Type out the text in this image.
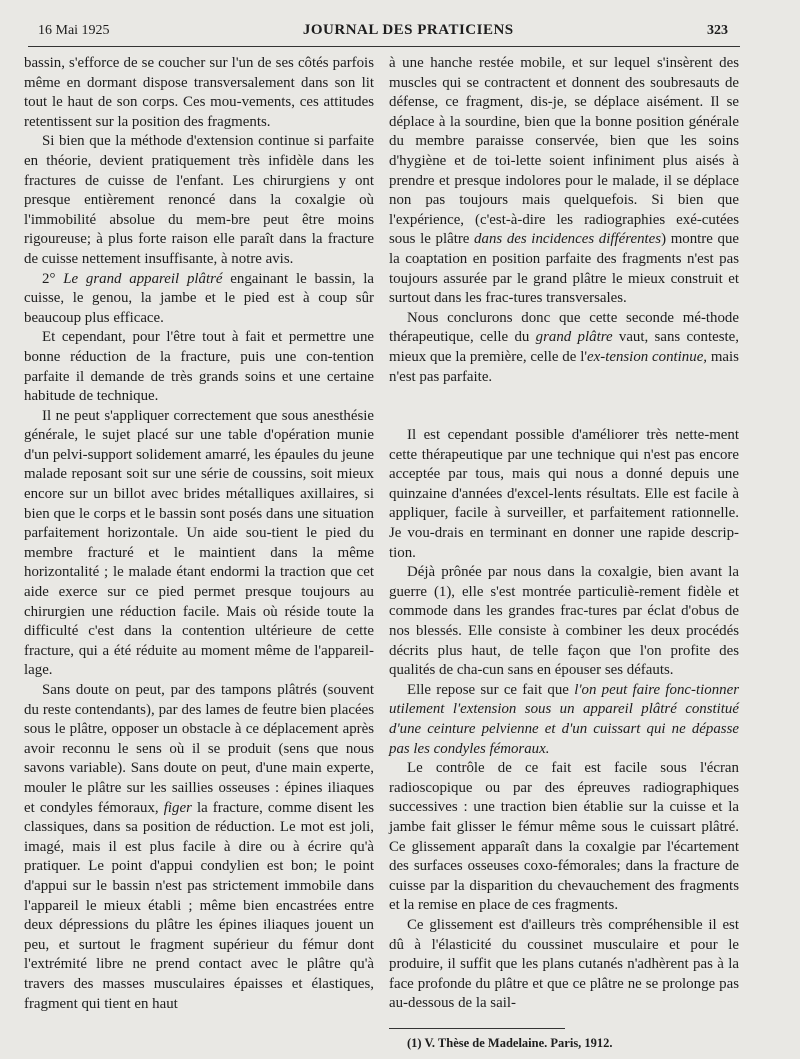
16 Mai 1925	JOURNAL DES PRATICIENS	323

bassin, s'efforce de se coucher sur l'un de ses côtés parfois même en dormant dispose transversalement dans son lit tout le haut de son corps. Ces mou-vements, ces attitudes retentissent sur la position des fragments.

Si bien que la méthode d'extension continue si parfaite en théorie, devient pratiquement très infidèle dans les fractures de cuisse de l'enfant. Les chirurgiens y ont presque entièrement renoncé dans la coxalgie où l'immobilité absolue du mem-bre peut être moins rigoureuse; à plus forte raison elle paraît dans la fracture de cuisse nettement insuffisante, à notre avis.

2° Le grand appareil plâtré engainant le bassin, la cuisse, le genou, la jambe et le pied est à coup sûr beaucoup plus efficace.

Et cependant, pour l'être tout à fait et permettre une bonne réduction de la fracture, puis une con-tention parfaite il demande de très grands soins et une certaine habitude de technique.

Il ne peut s'appliquer correctement que sous anesthésie générale, le sujet placé sur une table d'opération munie d'un pelvi-support solidement amarré, les épaules du jeune malade reposant soit sur une série de coussins, soit mieux encore sur un billot avec brides métalliques axillaires, si bien que le corps et le bassin sont posés dans une situation parfaitement horizontale. Un aide sou-tient le pied du membre fracturé et le maintient dans la même horizontalité ; le malade étant endormi la traction que cet aide exerce sur ce pied permet presque toujours au chirurgien une réduction facile. Mais où réside toute la difficulté c'est dans la contention ultérieure de cette fracture, qui a été réduite au moment même de l'appareil-lage.

Sans doute on peut, par des tampons plâtrés (souvent du reste contendants), par des lames de feutre bien placées sous le plâtre, opposer un obstacle à ce déplacement après avoir reconnu le sens où il se produit (sens que nous savons variable). Sans doute on peut, d'une main experte, mouler le plâtre sur les saillies osseuses : épines iliaques et condyles fémoraux, figer la fracture, comme disent les classiques, dans sa position de réduction. Le mot est joli, imagé, mais il est plus facile à dire ou à écrire qu'à pratiquer. Le point d'appui condylien est bon; le point d'appui sur le bassin n'est pas strictement immobile dans l'appareil le mieux établi ; même bien encastrées entre deux dépressions du plâtre les épines iliaques jouent un peu, et surtout le fragment supérieur du fémur dont l'extrémité libre ne prend contact avec le plâtre qu'à travers des masses musculaires épaisses et élastiques, fragment qui tient en haut

à une hanche restée mobile, et sur lequel s'insèrent des muscles qui se contractent et donnent des soubresauts de défense, ce fragment, dis-je, se déplace aisément. Il se déplace à la sourdine, bien que la bonne position générale du membre paraisse conservée, bien que les soins d'hygiène et de toi-lette soient infiniment plus aisés à prendre et presque indolores pour le malade, il se déplace non pas toujours mais quelquefois. Si bien que l'expérience, (c'est-à-dire les radiographies exé-cutées sous le plâtre dans des incidences différentes) montre que la coaptation en position parfaite des fragments n'est pas toujours assurée par le grand plâtre le mieux construit et surtout dans les frac-tures transversales.

Nous conclurons donc que cette seconde mé-thode thérapeutique, celle du grand plâtre vaut, sans conteste, mieux que la première, celle de l'ex-tension continue, mais n'est pas parfaite.

Il est cependant possible d'améliorer très nette-ment cette thérapeutique par une technique qui n'est pas encore acceptée par tous, mais qui nous a donné depuis une quinzaine d'années d'excel-lents résultats. Elle est facile à appliquer, facile à surveiller, et parfaitement rationnelle. Je vou-drais en terminant en donner une rapide descrip-tion.

Déjà prônée par nous dans la coxalgie, bien avant la guerre (1), elle s'est montrée particuliè-rement fidèle et commode dans les grandes frac-tures par éclat d'obus de nos blessés. Elle consiste à combiner les deux procédés décrits plus haut, de telle façon que l'on profite des qualités de cha-cun sans en épouser ses défauts.

Elle repose sur ce fait que l'on peut faire fonc-tionner utilement l'extension sous un appareil plâtré constitué d'une ceinture pelvienne et d'un cuissart qui ne dépasse pas les condyles fémoraux.

Le contrôle de ce fait est facile sous l'écran radioscopique ou par des épreuves radiographiques successives : une traction bien établie sur la cuisse et la jambe fait glisser le fémur même sous le cuissart plâtré. Ce glissement apparaît dans la coxalgie par l'écartement des surfaces osseuses coxo-fémorales; dans la fracture de cuisse par la disparition du chevauchement des fragments et la remise en place de ces fragments.

Ce glissement est d'ailleurs très compréhensible il est dû à l'élasticité du coussinet musculaire et pour le produire, il suffit que les plans cutanés n'adhèrent pas à la face profonde du plâtre et que ce plâtre ne se prolonge pas au-dessous de la sail-

(1) V. Thèse de Madelaine. Paris, 1912.
